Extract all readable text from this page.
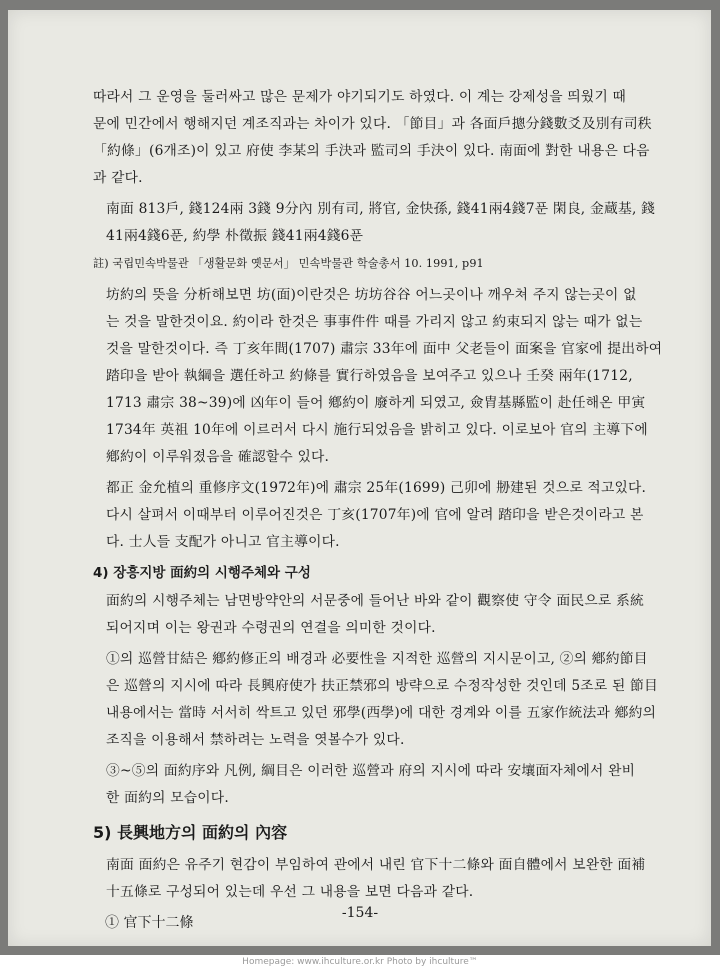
따라서 그 운영을 둘러싸고 많은 문제가 야기되기도 하였다. 이 계는 강제성을 띄웠기 때
문에 민간에서 행해지던 계조직과는 차이가 있다. 「節目」과 各面戶摠分錢數爻及別有司秩
「約條」(6개조)이 있고 府使 李某의 手決과 監司의 手決이 있다. 南面에 對한 내용은 다음
과 같다.
南面 813戶, 錢124兩 3錢 9分內 別有司, 將官, 金快孫, 錢41兩4錢7푼 閑良, 金蔵基, 錢
41兩4錢6푼, 約學 朴徵振 錢41兩4錢6푼
註) 국립민속박물관 「생활문화 옛문서」 민속박물관 학술총서 10. 1991, p91
坊約의 뜻을 分析해보면 坊(面)이란것은 坊坊谷谷 어느곳이나 깨우쳐 주지 않는곳이 없
는 것을 말한것이요. 約이라 한것은 事事件件 때를 가리지 않고 約束되지 않는 때가 없는
것을 말한것이다. 즉 丁亥年間(1707) 肅宗 33年에 面中 父老들이 面案을 官家에 提出하여
踏印을 받아 執綱을 選任하고 約條를 實行하였음을 보여주고 있으나 壬癸 兩年(1712,
1713 肅宗 38~39)에 凶年이 들어 鄕約이 廢하게 되였고, 僉胄基縣監이 赴任해온 甲寅
1734年 英祖 10年에 이르러서 다시 施行되었음을 밝히고 있다. 이로보아 官의 主導下에
鄕約이 이루워졌음을 確認할수 있다.
都正 金允植의 重修序文(1972年)에 肅宗 25年(1699) 己卯에 刱建된 것으로 적고있다.
다시 살펴서 이때부터 이루어진것은 丁亥(1707年)에 官에 알려 踏印을 받은것이라고 본
다. 士人들 支配가 아니고 官主導이다.
4) 장흥지방 面約의 시행주체와 구성
面約의 시행주체는 남면방약안의 서문중에 들어난 바와 같이 觀察使 守令 面民으로 系統
되어지며 이는 왕권과 수령권의 연결을 의미한 것이다.
①의 巡營甘結은 鄕約修正의 배경과 必要性을 지적한 巡營의 지시문이고, ②의 鄕約節目
은 巡營의 지시에 따라 長興府使가 扶正禁邪의 방략으로 수정작성한 것인데 5조로 된 節目
내용에서는 當時 서서히 싹트고 있던 邪學(西學)에 대한 경계와 이를 五家作統法과 鄕約의
조직을 이용해서 禁하려는 노력을 엿볼수가 있다.
③~⑤의 面約序와 凡例, 綱目은 이러한 巡營과 府의 지시에 따라 安壤面자체에서 완비
한 面約의 모습이다.
5) 長興地方의 面約의 內容
南面 面約은 유주기 현감이 부임하여 관에서 내린 官下十二條와 面自體에서 보완한 面補
十五條로 구성되어 있는데 우선 그 내용을 보면 다음과 같다.
① 官下十二條
-154-
Homepage: www.ihculture.or.kr Photo by ihculture™
